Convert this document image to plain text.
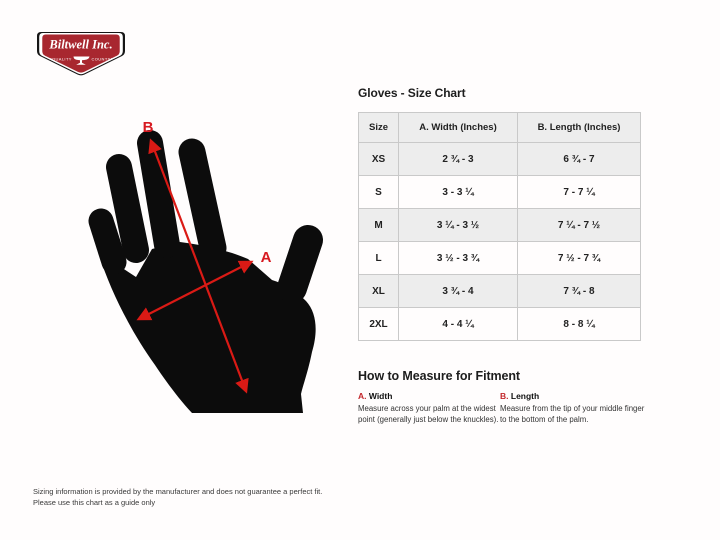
Biltwell Inc.
"QUALITY	COUNTS"
B
A
Gloves - Size Chart
Size	A. Width (Inches)	B. Length (Inches)
XS	2 ¾ - 3	6 ¾ - 7
S	3 - 3 ¼	7 - 7 ¼
M	3 ¼ - 3 ½	7 ¼ - 7 ½
L	3 ½ - 3 ¾	7 ½ - 7 ¾
XL	3 ¾ - 4	7 ¾ - 8
2XL	4 - 4 ¼	8 - 8 ¼
How to Measure for Fitment
A. Width
Measure across your palm at the widest point (generally just below the knuckles).
B. Length
Measure from the tip of your middle finger to the bottom of the palm.
Sizing information is provided by the manufacturer and does not guarantee a perfect fit.
Please use this chart as a guide only
